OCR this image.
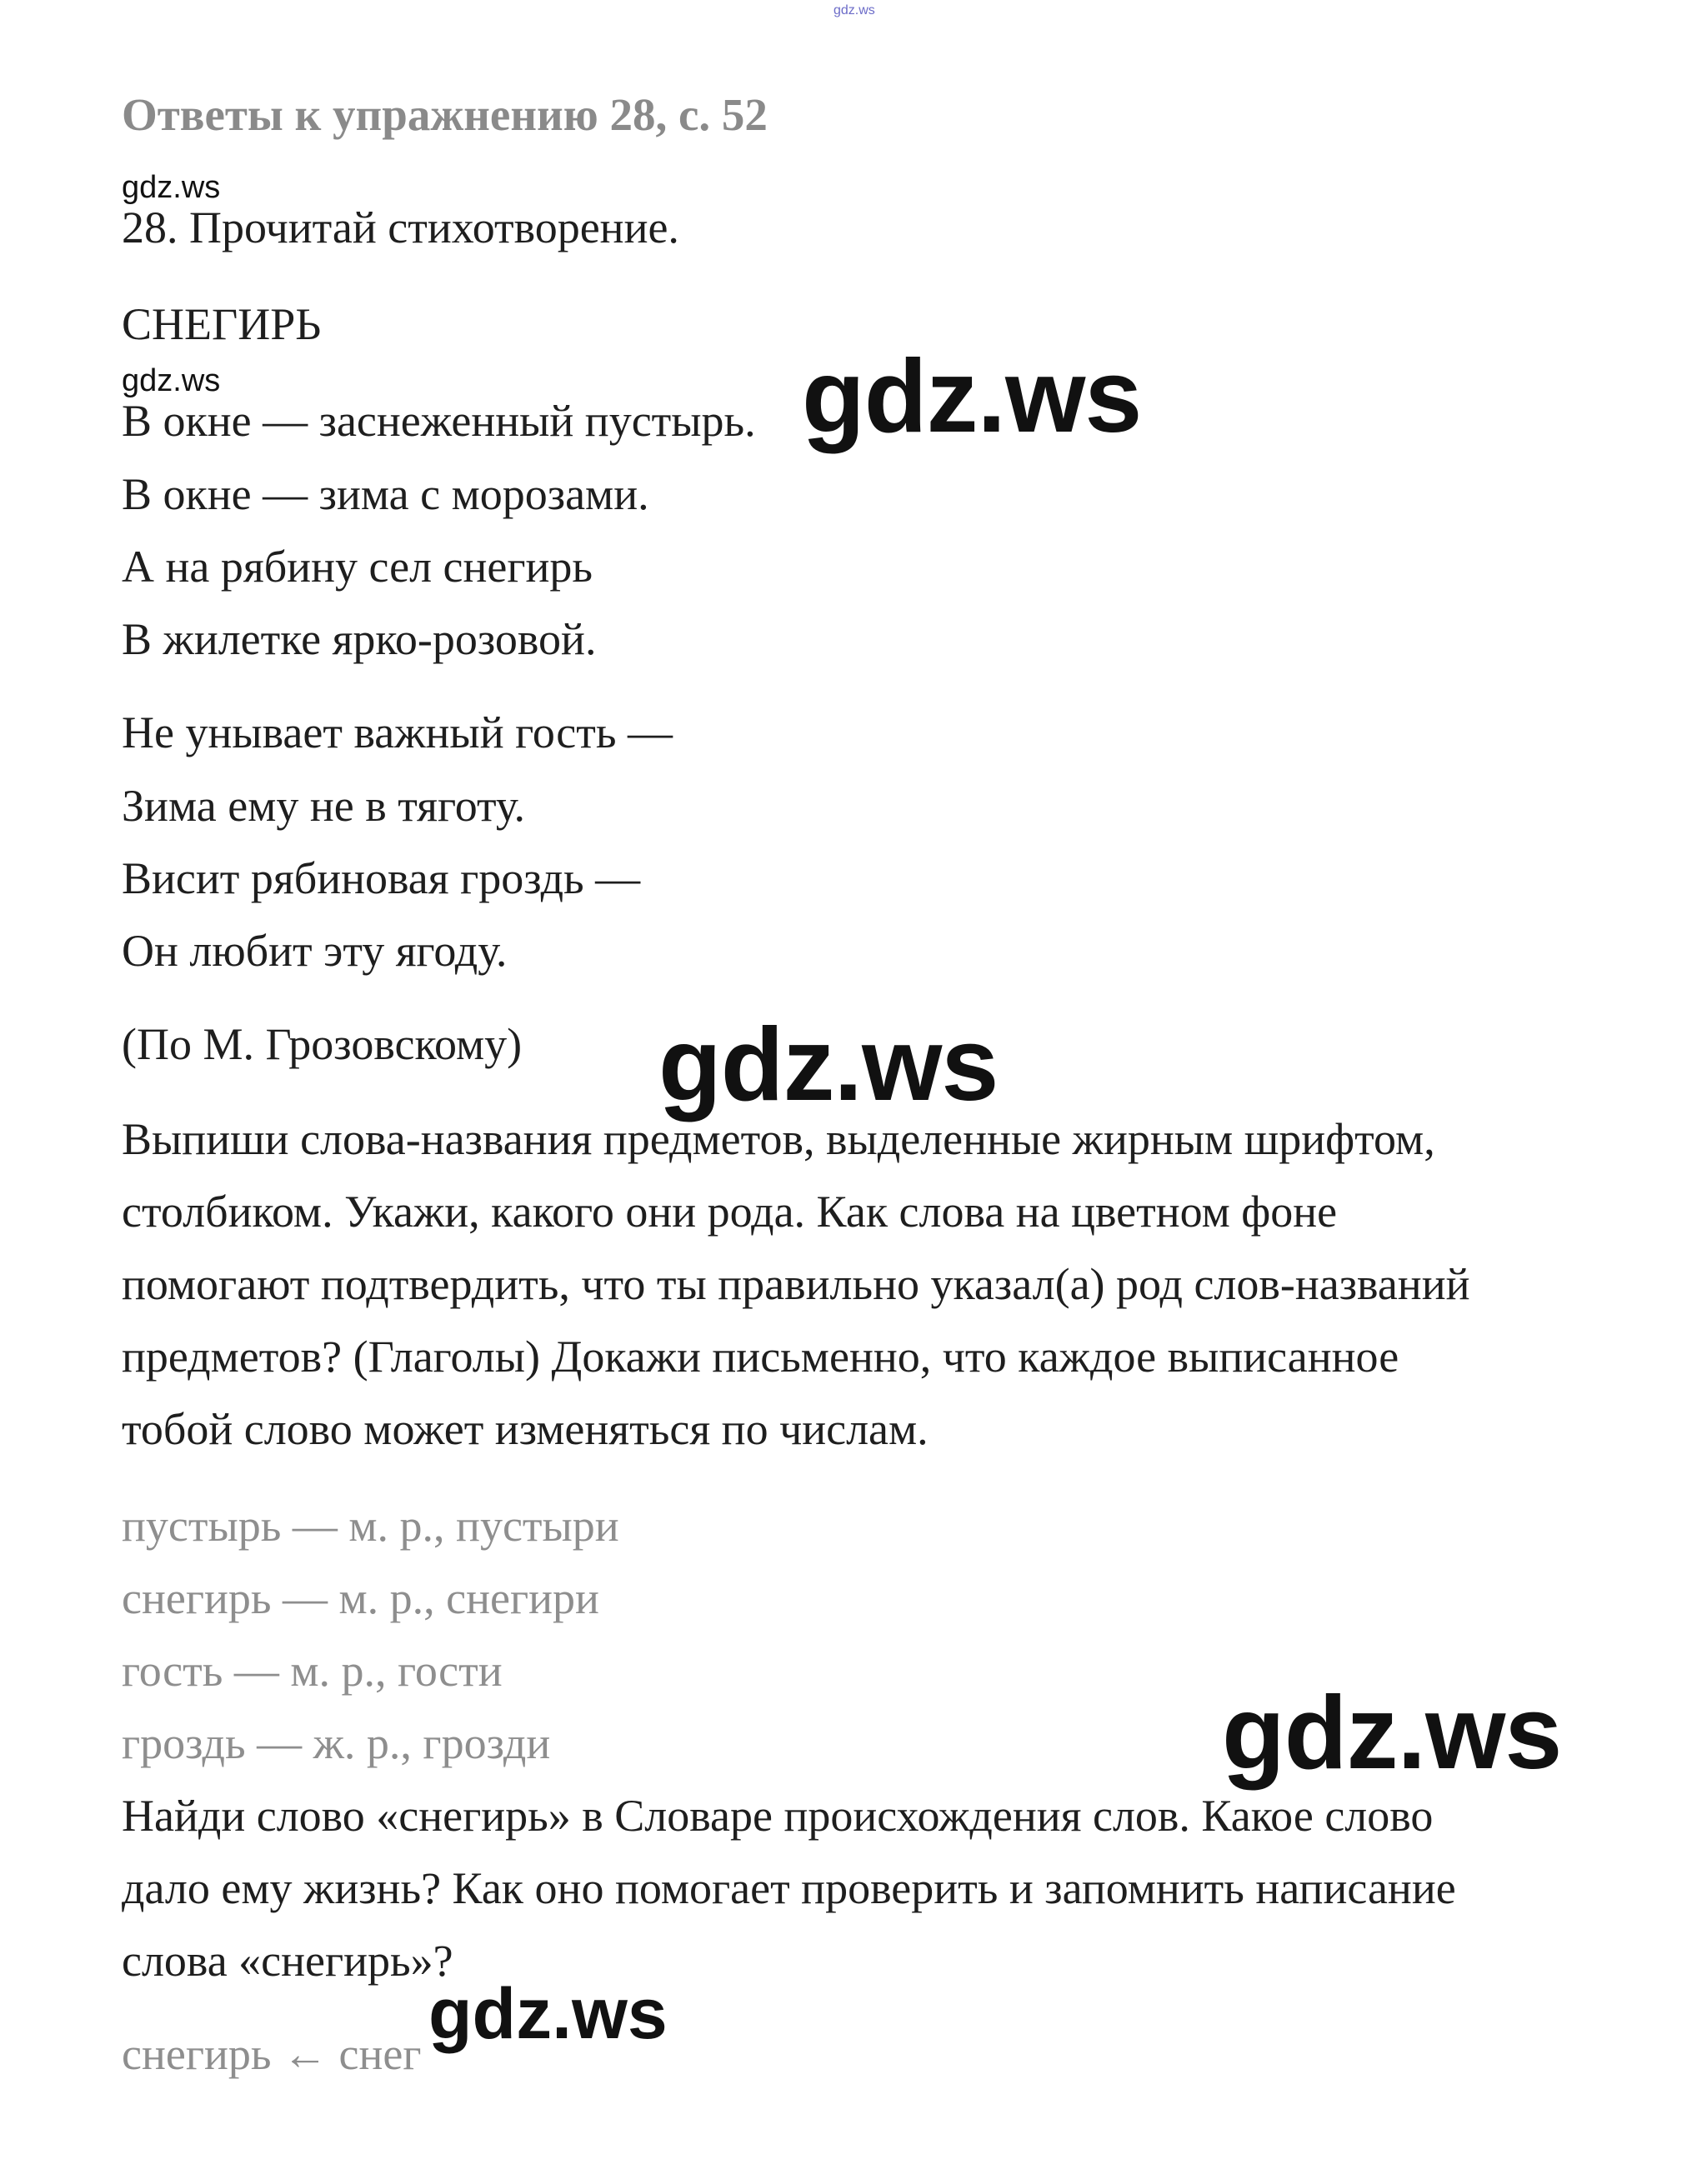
gdz.ws
Ответы к упражнению 28, с. 52
gdz.ws
28. Прочитай стихотворение.
СНЕГИРЬ
gdz.ws
В окне — заснеженный пустырь.
В окне — зима с морозами.
А на рябину сел снегирь
В жилетке ярко-розовой.
Не унывает важный гость —
Зима ему не в тяготу.
Висит рябиновая гроздь —
Он любит эту ягоду.
(По М. Грозовскому)
Выпиши слова-названия предметов, выделенные жирным шрифтом,
столбиком. Укажи, какого они рода. Как слова на цветном фоне
помогают подтвердить, что ты правильно указал(а) род слов-названий
предметов? (Глаголы) Докажи письменно, что каждое выписанное
тобой слово может изменяться по числам.
пустырь — м. р., пустыри
снегирь — м. р., снегири
гость — м. р., гости
гроздь — ж. р., грозди
Найди слово «снегирь» в Словаре происхождения слов. Какое слово
дало ему жизнь? Как оно помогает проверить и запомнить написание
слова «снегирь»?
снегирь ← снег
gdz.ws
gdz.ws
gdz.ws
gdz.ws
